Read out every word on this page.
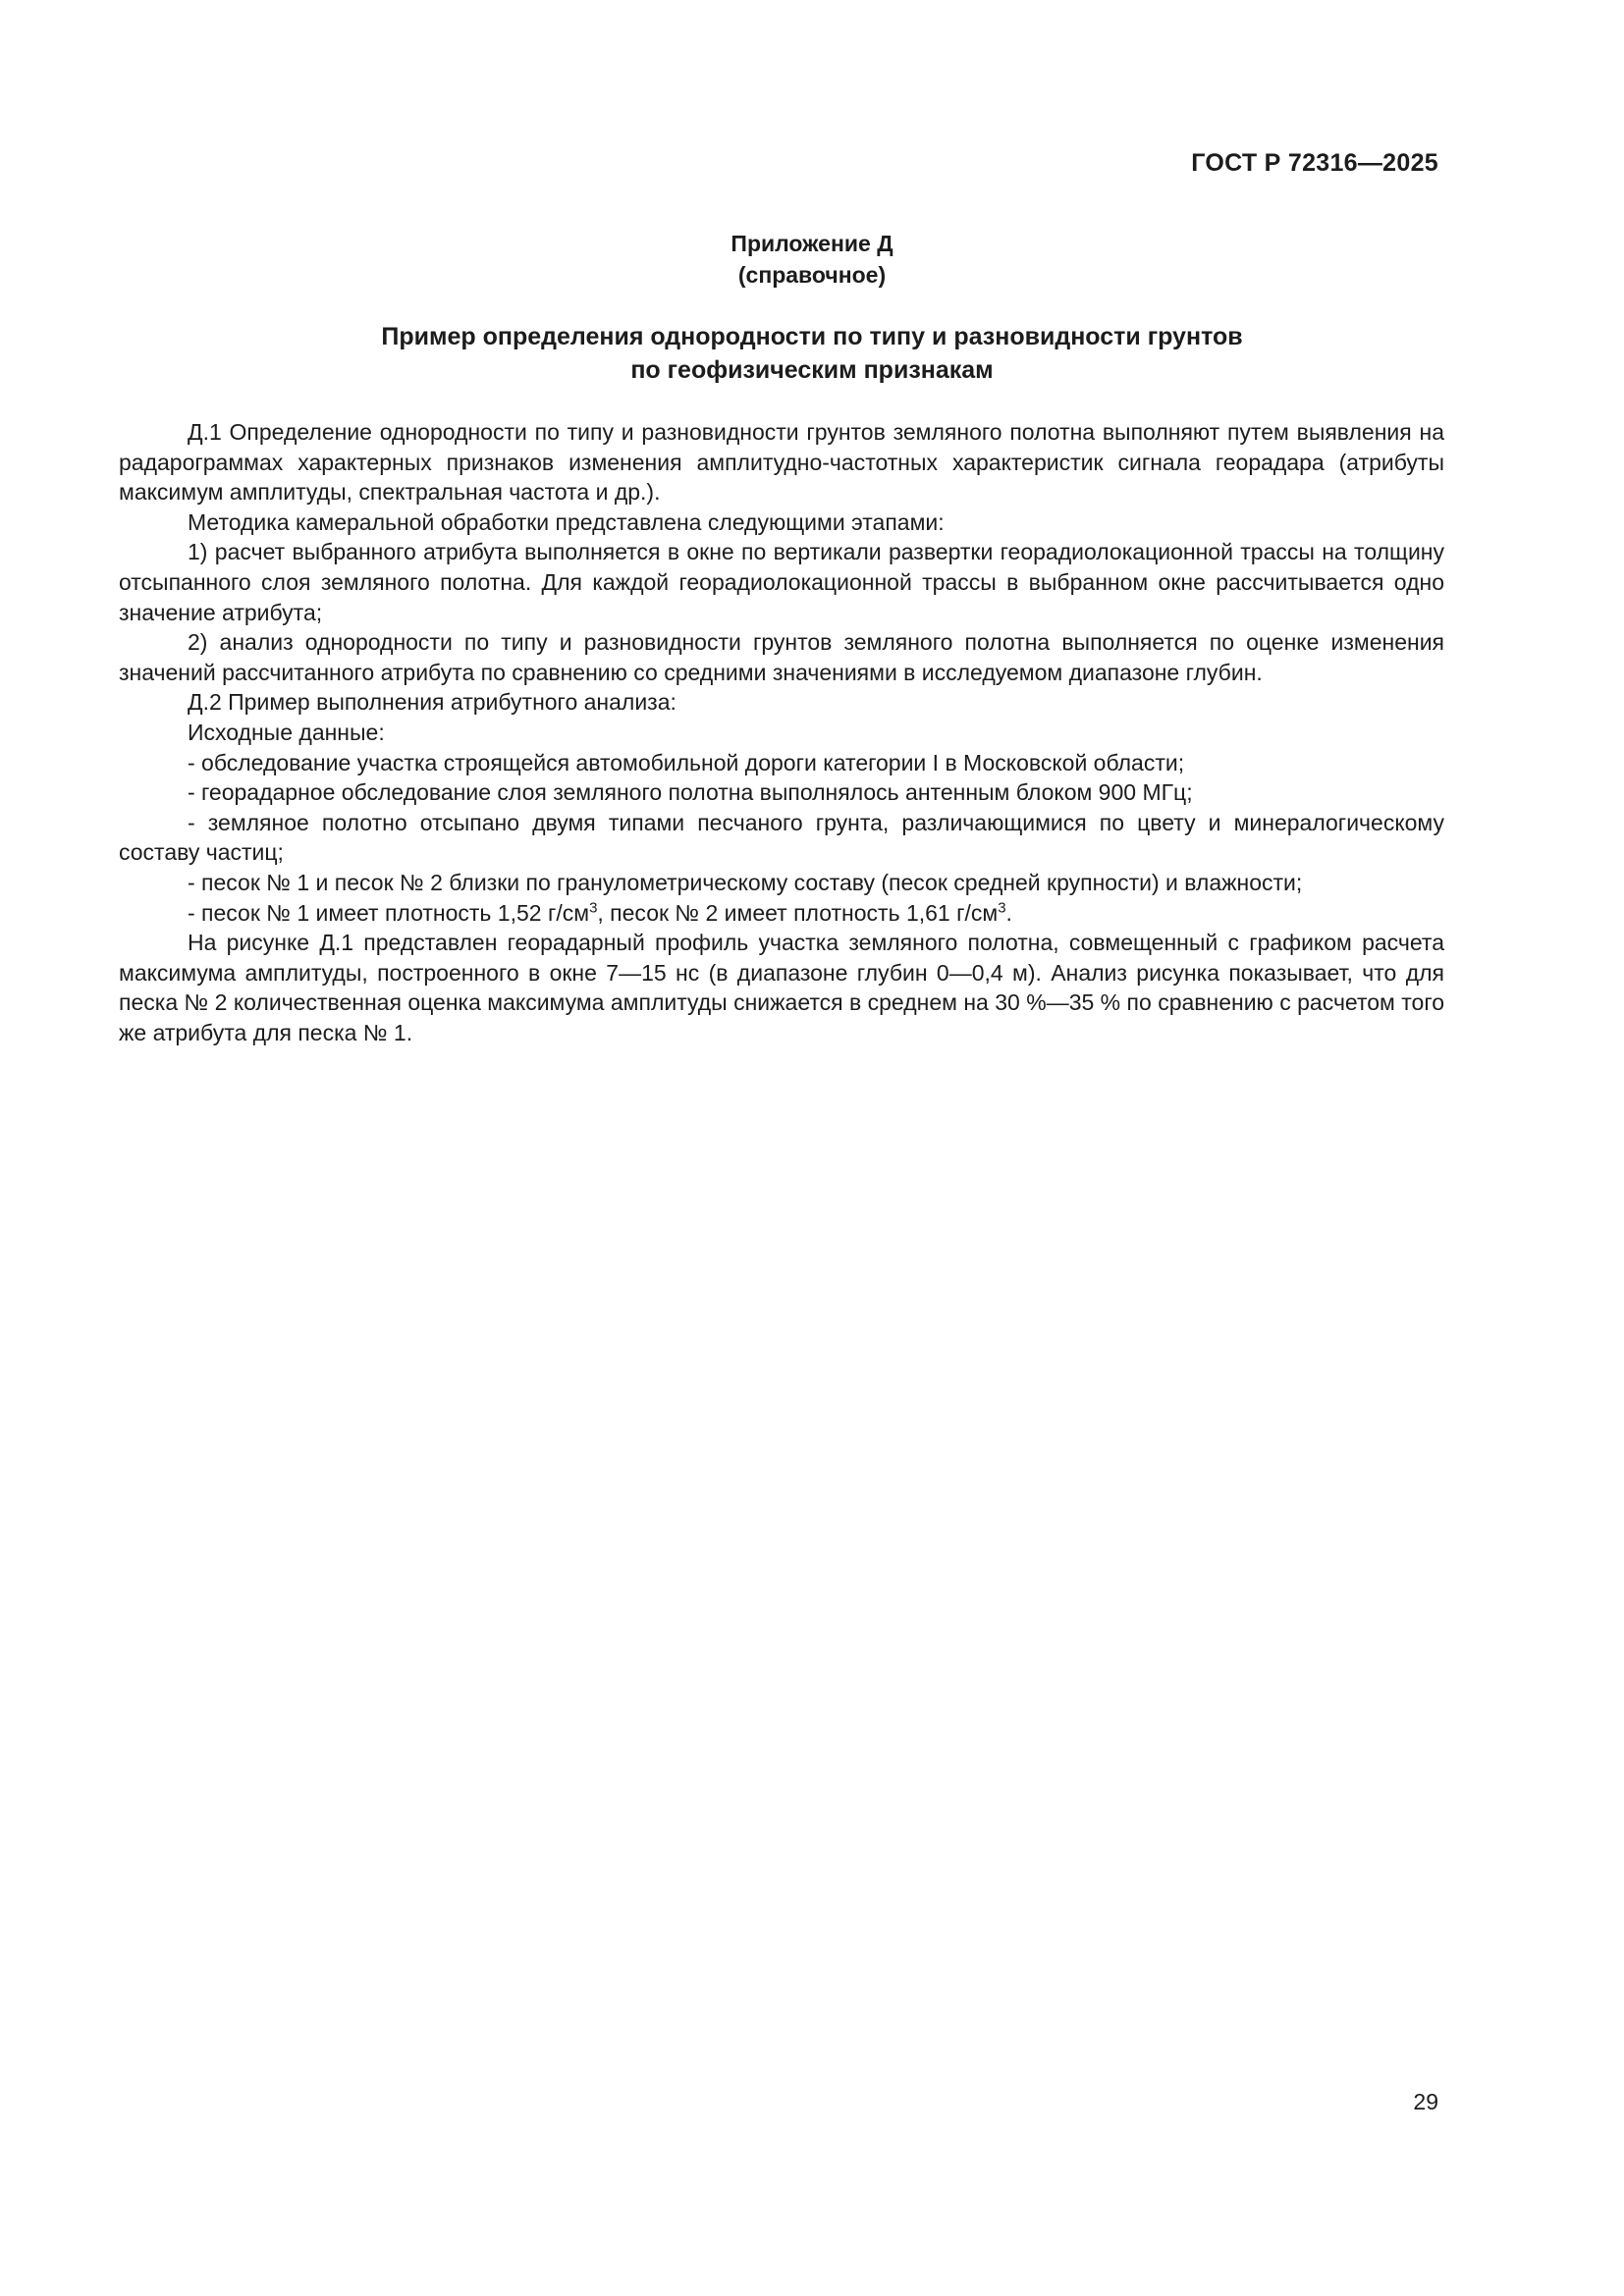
ГОСТ Р 72316—2025
Приложение Д
(справочное)
Пример определения однородности по типу и разновидности грунтов
по геофизическим признакам

Д.1 Определение однородности по типу и разновидности грунтов земляного полотна выполняют путем выявления на радарограммах характерных признаков изменения амплитудно-частотных характеристик сигнала георадара (атрибуты максимум амплитуды, спектральная частота и др.).

Методика камеральной обработки представлена следующими этапами:

1) расчет выбранного атрибута выполняется в окне по вертикали развертки георадиолокационной трассы на толщину отсыпанного слоя земляного полотна. Для каждой георадиолокационной трассы в выбранном окне рассчитывается одно значение атрибута;

2) анализ однородности по типу и разновидности грунтов земляного полотна выполняется по оценке изменения значений рассчитанного атрибута по сравнению со средними значениями в исследуемом диапазоне глубин.

Д.2 Пример выполнения атрибутного анализа:

Исходные данные:

- обследование участка строящейся автомобильной дороги категории I в Московской области;

- георадарное обследование слоя земляного полотна выполнялось антенным блоком 900 МГц;

- земляное полотно отсыпано двумя типами песчаного грунта, различающимися по цвету и минералогическому составу частиц;

- песок № 1 и песок № 2 близки по гранулометрическому составу (песок средней крупности) и влажности;

- песок № 1 имеет плотность 1,52 $г/см^3$, песок № 2 имеет плотность 1,61 $г/см^3$.

На рисунке Д.1 представлен георадарный профиль участка земляного полотна, совмещенный с графиком расчета максимума амплитуды, построенного в окне 7—15 нс (в диапазоне глубин 0—0,4 м). Анализ рисунка показывает, что для песка № 2 количественная оценка максимума амплитуды снижается в среднем на 30 %—35 % по сравнению с расчетом того же атрибута для песка № 1.

29
